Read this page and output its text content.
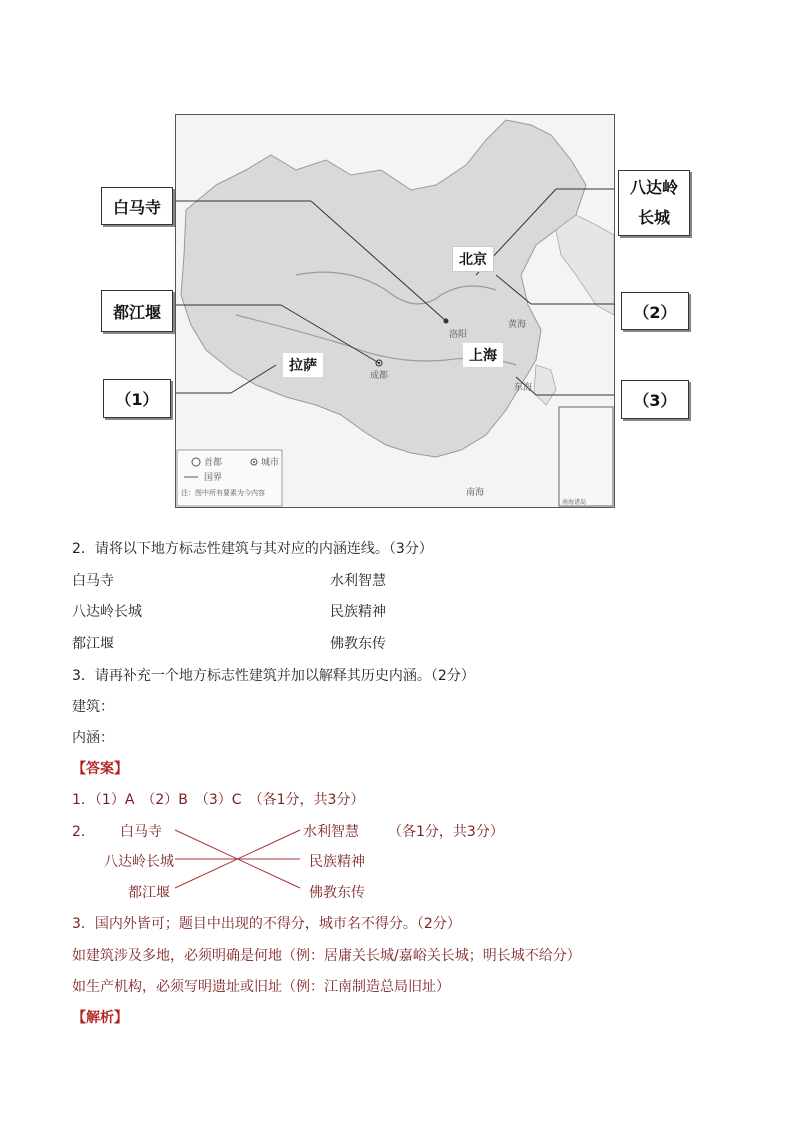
洛阳
成都
黄海
东海
南海
南海诸岛
首都	城市
国界
注：图中所有要素为今内容
白马寺
都江堰
（1）
八达岭长城
（2）
（3）
北京
拉萨
上海
2．请将以下地方标志性建筑与其对应的内涵连线。（3分）
白马寺
八达岭长城
都江堰
水利智慧
民族精神
佛教东传
3．请再补充一个地方标志性建筑并加以解释其历史内涵。（2分）
建筑：
内涵：
【答案】
1．（1）A　（2）B　（3）C　（各1分，共3分）
2． 白马寺
八达岭长城
都江堰
水利智慧
民族精神
佛教东传
（各1分，共3分）
3．国内外皆可；题目中出现的不得分，城市名不得分。（2分）
如建筑涉及多地，必须明确是何地（例：居庸关长城/嘉峪关长城；明长城不给分）
如生产机构，必须写明遗址或旧址（例：江南制造总局旧址）
【解析】
